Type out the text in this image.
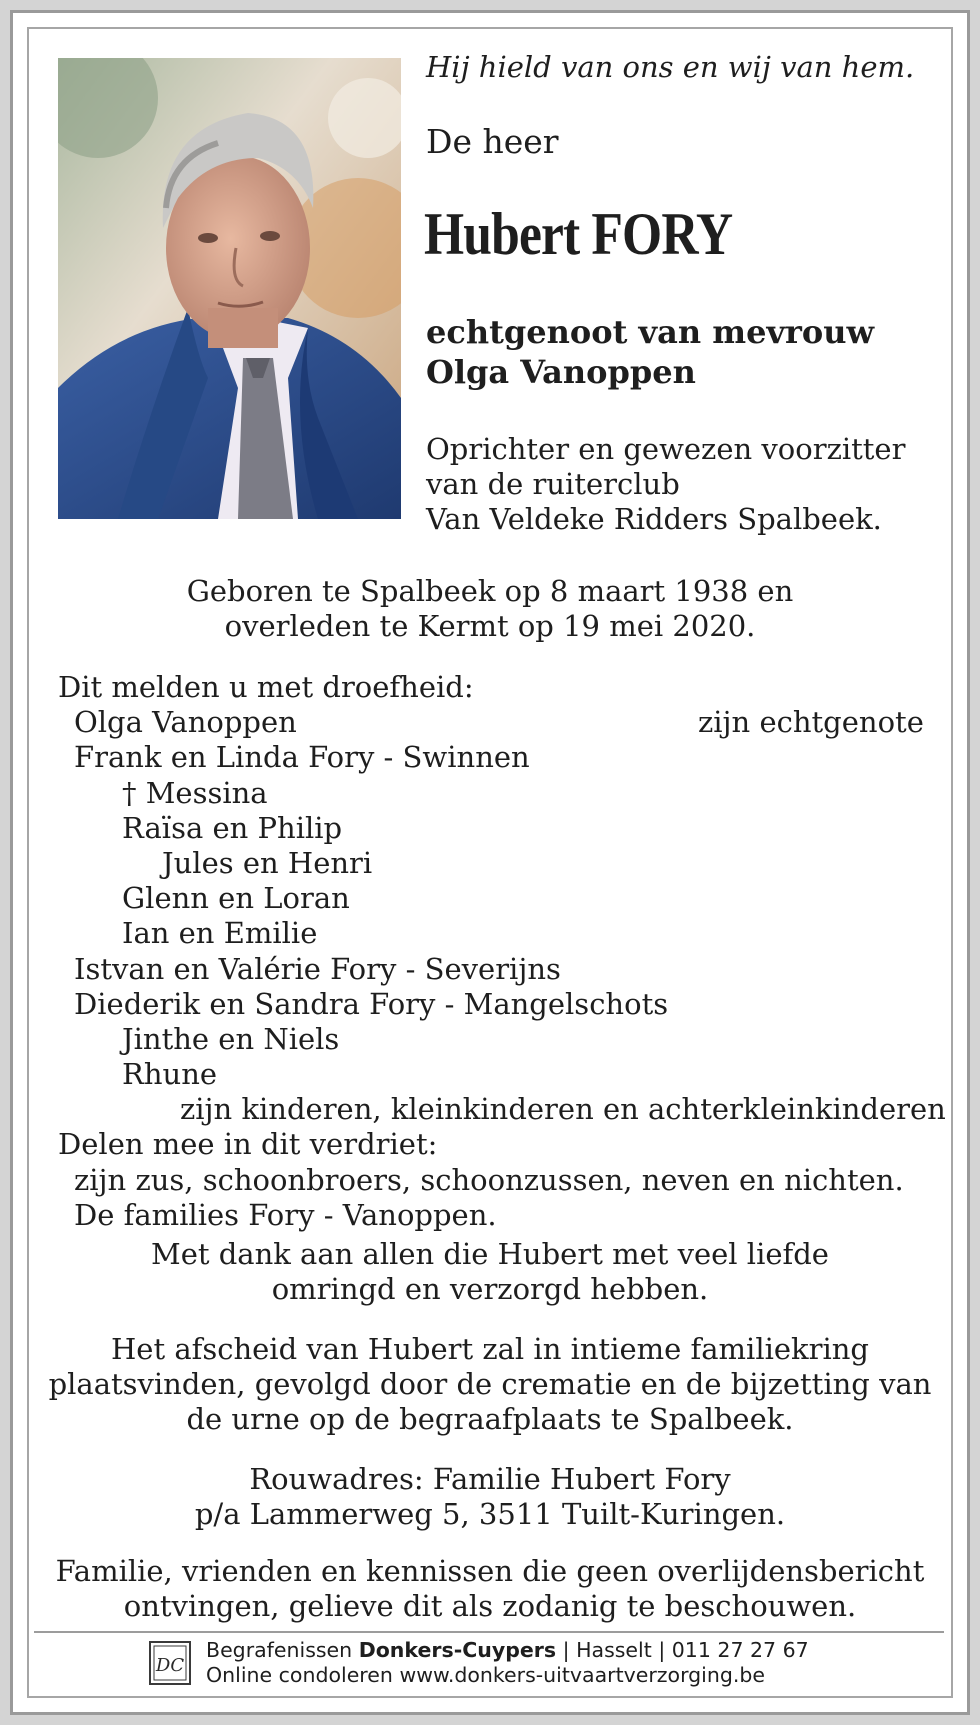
Hij hield van ons en wij van hem.
De heer
Hubert FORY
echtgenoot van mevrouw
Olga Vanoppen
Oprichter en gewezen voorzitter
van de ruiterclub
Van Veldeke Ridders Spalbeek.
Geboren te Spalbeek op 8 maart 1938 en
overleden te Kermt op 19 mei 2020.
Dit melden u met droefheid:
Olga Vanoppen	zijn echtgenote
Frank en Linda Fory - Swinnen
† Messina
Raïsa en Philip
Jules en Henri
Glenn en Loran
Ian en Emilie
Istvan en Valérie Fory - Severijns
Diederik en Sandra Fory - Mangelschots
Jinthe en Niels
Rhune
zijn kinderen, kleinkinderen en achterkleinkinderen
Delen mee in dit verdriet:
zijn zus, schoonbroers, schoonzussen, neven en nichten.
De families Fory - Vanoppen.
Met dank aan allen die Hubert met veel liefde
omringd en verzorgd hebben.
Het afscheid van Hubert zal in intieme familiekring
plaatsvinden, gevolgd door de crematie en de bijzetting van
de urne op de begraafplaats te Spalbeek.
Rouwadres: Familie Hubert Fory
p/a Lammerweg 5, 3511 Tuilt-Kuringen.
Familie, vrienden en kennissen die geen overlijdensbericht
ontvingen, gelieve dit als zodanig te beschouwen.
DC
Begrafenissen Donkers-Cuypers | Hasselt | 011 27 27 67
Online condoleren www.donkers-uitvaartverzorging.be
